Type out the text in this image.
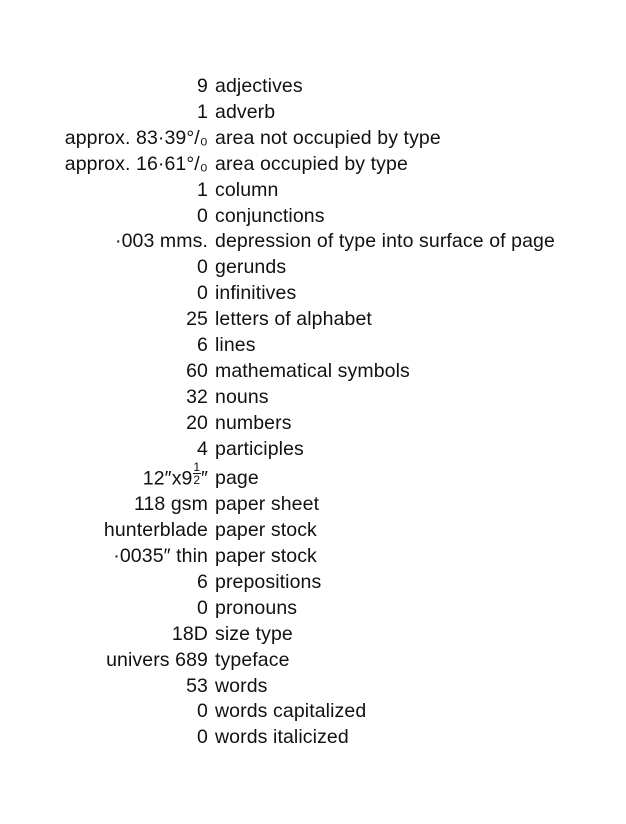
9	adjectives
1	adverb
approx. 83·39°/₀	area not occupied by type
approx. 16·61°/₀	area occupied by type
1	column
0	conjunctions
·003 mms.	depression of type into surface of page
0	gerunds
0	infinitives
25	letters of alphabet
6	lines
60	mathematical symbols
32	nouns
20	numbers
4	participles
$12''x9 \frac{1}{2}$ ″	page
118 gsm	paper sheet
hunterblade	paper stock
·0035″ thin	paper stock
6	prepositions
0	pronouns
18D	size type
univers 689	typeface
53	words
0	words capitalized
0	words italicized
